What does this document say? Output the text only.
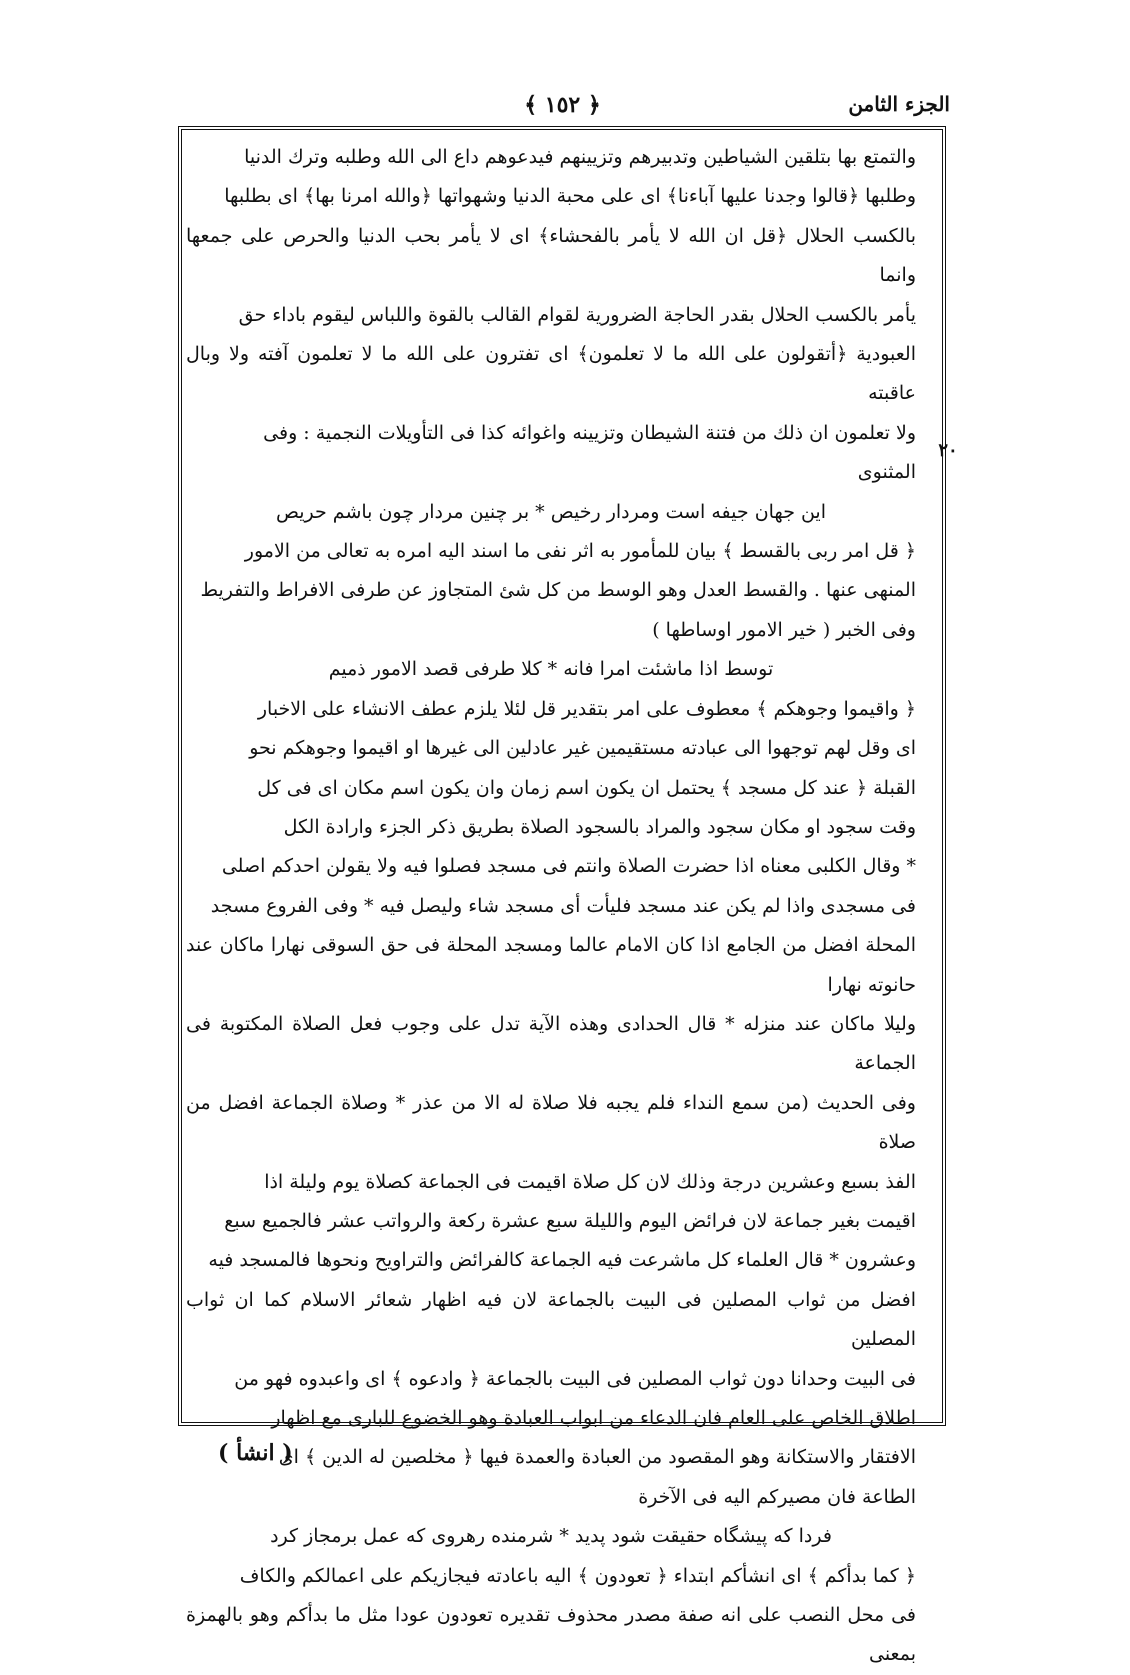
الجزء الثامن
﴿ ١٥٢ ﴾
٢٠

والتمتع بها بتلقين الشياطين وتدبيرهم وتزيينهم فيدعوهم داع الى الله وطلبه وترك الدنيا

وطلبها ﴿قالوا وجدنا عليها آباءنا﴾ اى على محبة الدنيا وشهواتها ﴿والله امرنا بها﴾ اى بطلبها

بالكسب الحلال ﴿قل ان الله لا يأمر بالفحشاء﴾ اى لا يأمر بحب الدنيا والحرص على جمعها وانما

يأمر بالكسب الحلال بقدر الحاجة الضرورية لقوام القالب بالقوة واللباس ليقوم باداء حق

العبودية ﴿أتقولون على الله ما لا تعلمون﴾ اى تفترون على الله ما لا تعلمون آفته ولا وبال عاقبته

ولا تعلمون ان ذلك من فتنة الشيطان وتزيينه واغوائه كذا فى التأويلات النجمية : وفى

المثنوى

اين جهان جيفه است ومردار رخيص * بر چنين مردار چون باشم حريص

﴿ قل امر ربى بالقسط ﴾ بيان للمأمور به اثر نفى ما اسند اليه امره به تعالى من الامور

المنهى عنها . والقسط العدل وهو الوسط من كل شئ المتجاوز عن طرفى الافراط والتفريط

وفى الخبر ( خير الامور اوساطها )

توسط اذا ماشئت امرا فانه * كلا طرفى قصد الامور ذميم

﴿ واقيموا وجوهكم ﴾ معطوف على امر بتقدير قل لئلا يلزم عطف الانشاء على الاخبار

اى وقل لهم توجهوا الى عبادته مستقيمين غير عادلين الى غيرها او اقيموا وجوهكم نحو

القبلة ﴿ عند كل مسجد ﴾ يحتمل ان يكون اسم زمان وان يكون اسم مكان اى فى كل

وقت سجود او مكان سجود والمراد بالسجود الصلاة بطريق ذكر الجزء وارادة الكل

* وقال الكلبى معناه اذا حضرت الصلاة وانتم فى مسجد فصلوا فيه ولا يقولن احدكم اصلى

فى مسجدى واذا لم يكن عند مسجد فليأت أى مسجد شاء وليصل فيه * وفى الفروع مسجد

المحلة افضل من الجامع اذا كان الامام عالما ومسجد المحلة فى حق السوقى نهارا ماكان عند حانوته نهارا

وليلا ماكان عند منزله * قال الحدادى وهذه الآية تدل على وجوب فعل الصلاة المكتوبة فى الجماعة

وفى الحديث (من سمع النداء فلم يجبه فلا صلاة له الا من عذر * وصلاة الجماعة افضل من صلاة

الفذ بسبع وعشرين درجة وذلك لان كل صلاة اقيمت فى الجماعة كصلاة يوم وليلة اذا

اقيمت بغير جماعة لان فرائض اليوم والليلة سبع عشرة ركعة والرواتب عشر فالجميع سبع

وعشرون * قال العلماء كل ماشرعت فيه الجماعة كالفرائض والتراويح ونحوها فالمسجد فيه

افضل من ثواب المصلين فى البيت بالجماعة لان فيه اظهار شعائر الاسلام كما ان ثواب المصلين

فى البيت وحدانا دون ثواب المصلين فى البيت بالجماعة ﴿ وادعوه ﴾ اى واعبدوه فهو من

اطلاق الخاص على العام فان الدعاء من ابواب العبادة وهو الخضوع للبارى مع اظهار

الافتقار والاستكانة وهو المقصود من العبادة والعمدة فيها ﴿ مخلصين له الدين ﴾ اى

الطاعة فان مصيركم اليه فى الآخرة

فردا كه پيشگاه حقيقت شود پديد * شرمنده رهروى كه عمل برمجاز كرد

﴿ كما بدأكم ﴾ اى انشأكم ابتداء ﴿ تعودون ﴾ اليه باعادته فيجازيكم على اعمالكم والكاف

فى محل النصب على انه صفة مصدر محذوف تقديره تعودون عودا مثل ما بدأكم وهو بالهمزة بمعنى

( انشأ )
